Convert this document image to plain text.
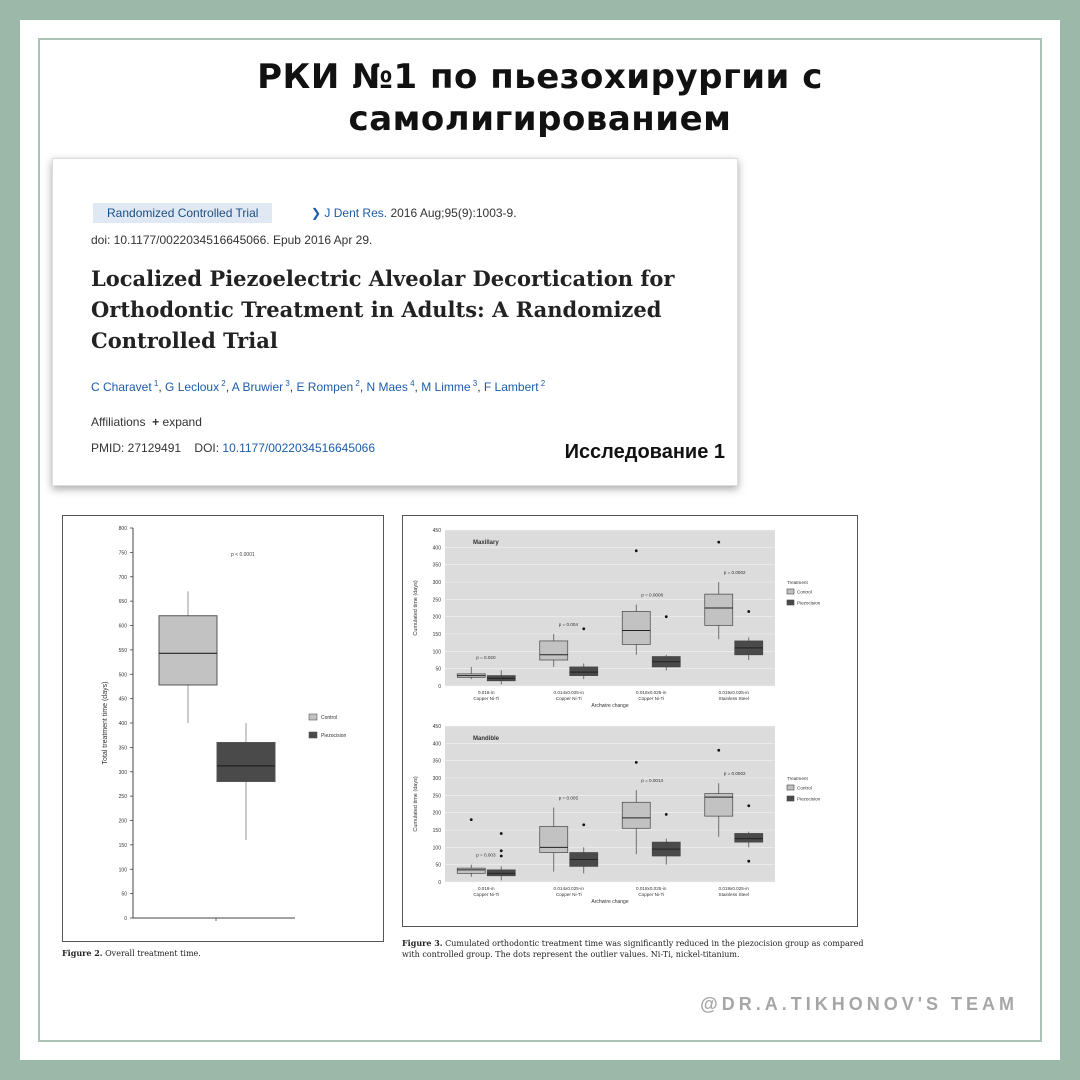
РКИ №1 по пьезохирургии с
самолигированием
Randomized Controlled Trial	❯ J Dent Res. 2016 Aug;95(9):1003-9.
doi: 10.1177/0022034516645066. Epub 2016 Apr 29.
Localized Piezoelectric Alveolar Decortication for Orthodontic Treatment in Adults: A Randomized Controlled Trial
C Charavet $^1$, G Lecloux $^2$, A Bruwier $^3$, E Rompen $^2$, N Maes $^4$, M Limme $^3$, F Lambert $^2$
Affiliations + expand
PMID: 27129491 DOI: 10.1177/0022034516645066	Исследование 1
0
50
100
150
200
250
300
350
400
450
500
550
600
650
700
750
800
Total treatment time (days)
p < 0.0001
Control
Piezocision
Figure 2. Overall treatment time.
0
50
100
150
200
250
300
350
400
450
Maxillary
Cumulated time (days)
0.018-in
Copper Ni-Ti
p = 0.020
0.014x0.025-in
Copper Ni-Ti
p = 0.004
0.018x0.025-in
Copper Ni-Ti
p = 0.0008
0.019x0.025-in
Stainless Steel
p = 0.0002
Archwire change
Treatment
Control
Piezocision
0
50
100
150
200
250
300
350
400
450
Mandible
Cumulated time (days)
0.018-in
Copper Ni-Ti
p = 0.003
0.014x0.025-in
Copper Ni-Ti
p = 0.005
0.018x0.025-in
Copper Ni-Ti
p = 0.0013
0.019x0.025-in
Stainless Steel
p = 0.0002
Archwire change
Treatment
Control
Piezocision
Figure 3. Cumulated orthodontic treatment time was significantly reduced in the piezocision group as compared with controlled group. The dots represent the outlier values. Ni-Ti, nickel-titanium.
@DR.A.TIKHONOV'S TEAM
